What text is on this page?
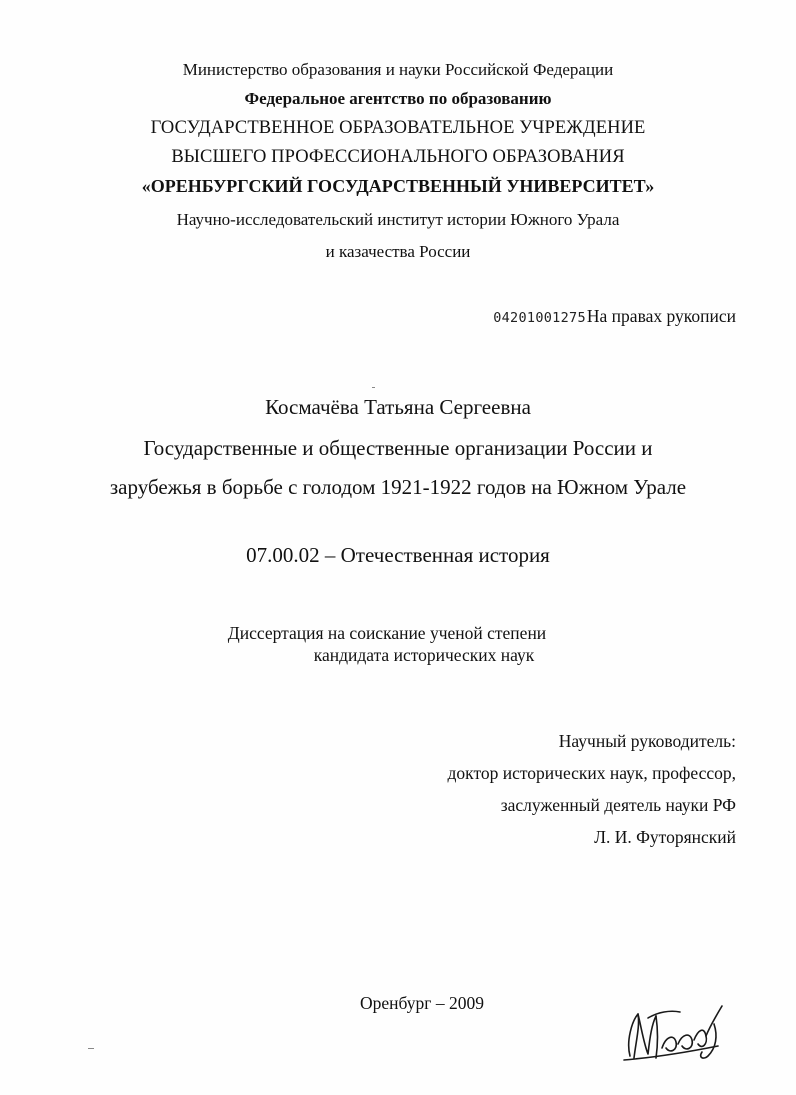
Министерство образования и науки Российской Федерации
Федеральное агентство по образованию
ГОСУДАРСТВЕННОЕ ОБРАЗОВАТЕЛЬНОЕ УЧРЕЖДЕНИЕ
ВЫСШЕГО ПРОФЕССИОНАЛЬНОГО ОБРАЗОВАНИЯ
«ОРЕНБУРГСКИЙ ГОСУДАРСТВЕННЫЙ УНИВЕРСИТЕТ»
Научно-исследовательский институт истории Южного Урала
и казачества России
04201001275На правах рукописи
Космачёва Татьяна Сергеевна
Государственные и общественные организации России и
зарубежья в борьбе с голодом 1921-1922 годов на Южном Урале
07.00.02 – Отечественная история
Диссертация на соискание ученой степени
кандидата исторических наук
Научный руководитель:
доктор исторических наук, профессор,
заслуженный деятель науки РФ
Л. И. Футорянский
Оренбург – 2009
